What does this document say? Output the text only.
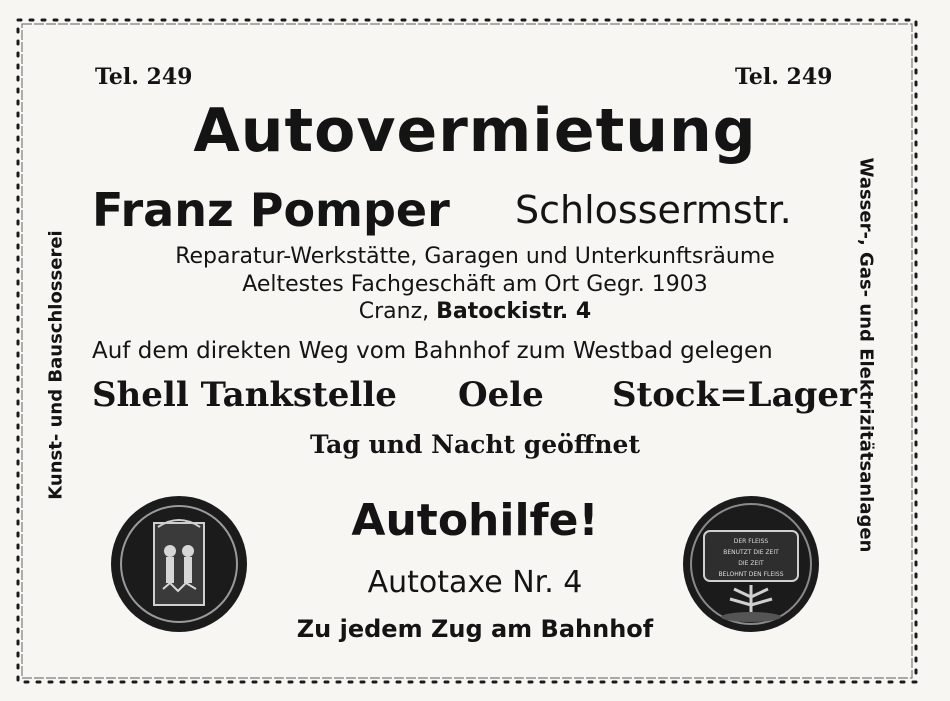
Tel. 249	Tel. 249
Autovermietung
Franz Pomper Schlossermstr.
Reparatur-Werkstätte, Garagen und Unterkunftsräume
Aeltestes Fachgeschäft am Ort Gegr. 1903
Cranz, Batockistr. 4
Auf dem direkten Weg vom Bahnhof zum Westbad gelegen
Shell Tankstelle Oele Stock=Lager
Tag und Nacht geöffnet
Autohilfe!
Autotaxe Nr. 4
Zu jedem Zug am Bahnhof
Kunst- und Bauschlosserei	Wasser-, Gas- und Elektrizitätsanlagen
DER FLEISS
BENUTZT DIE ZEIT
DIE ZEIT
BELOHNT DEN FLEISS
